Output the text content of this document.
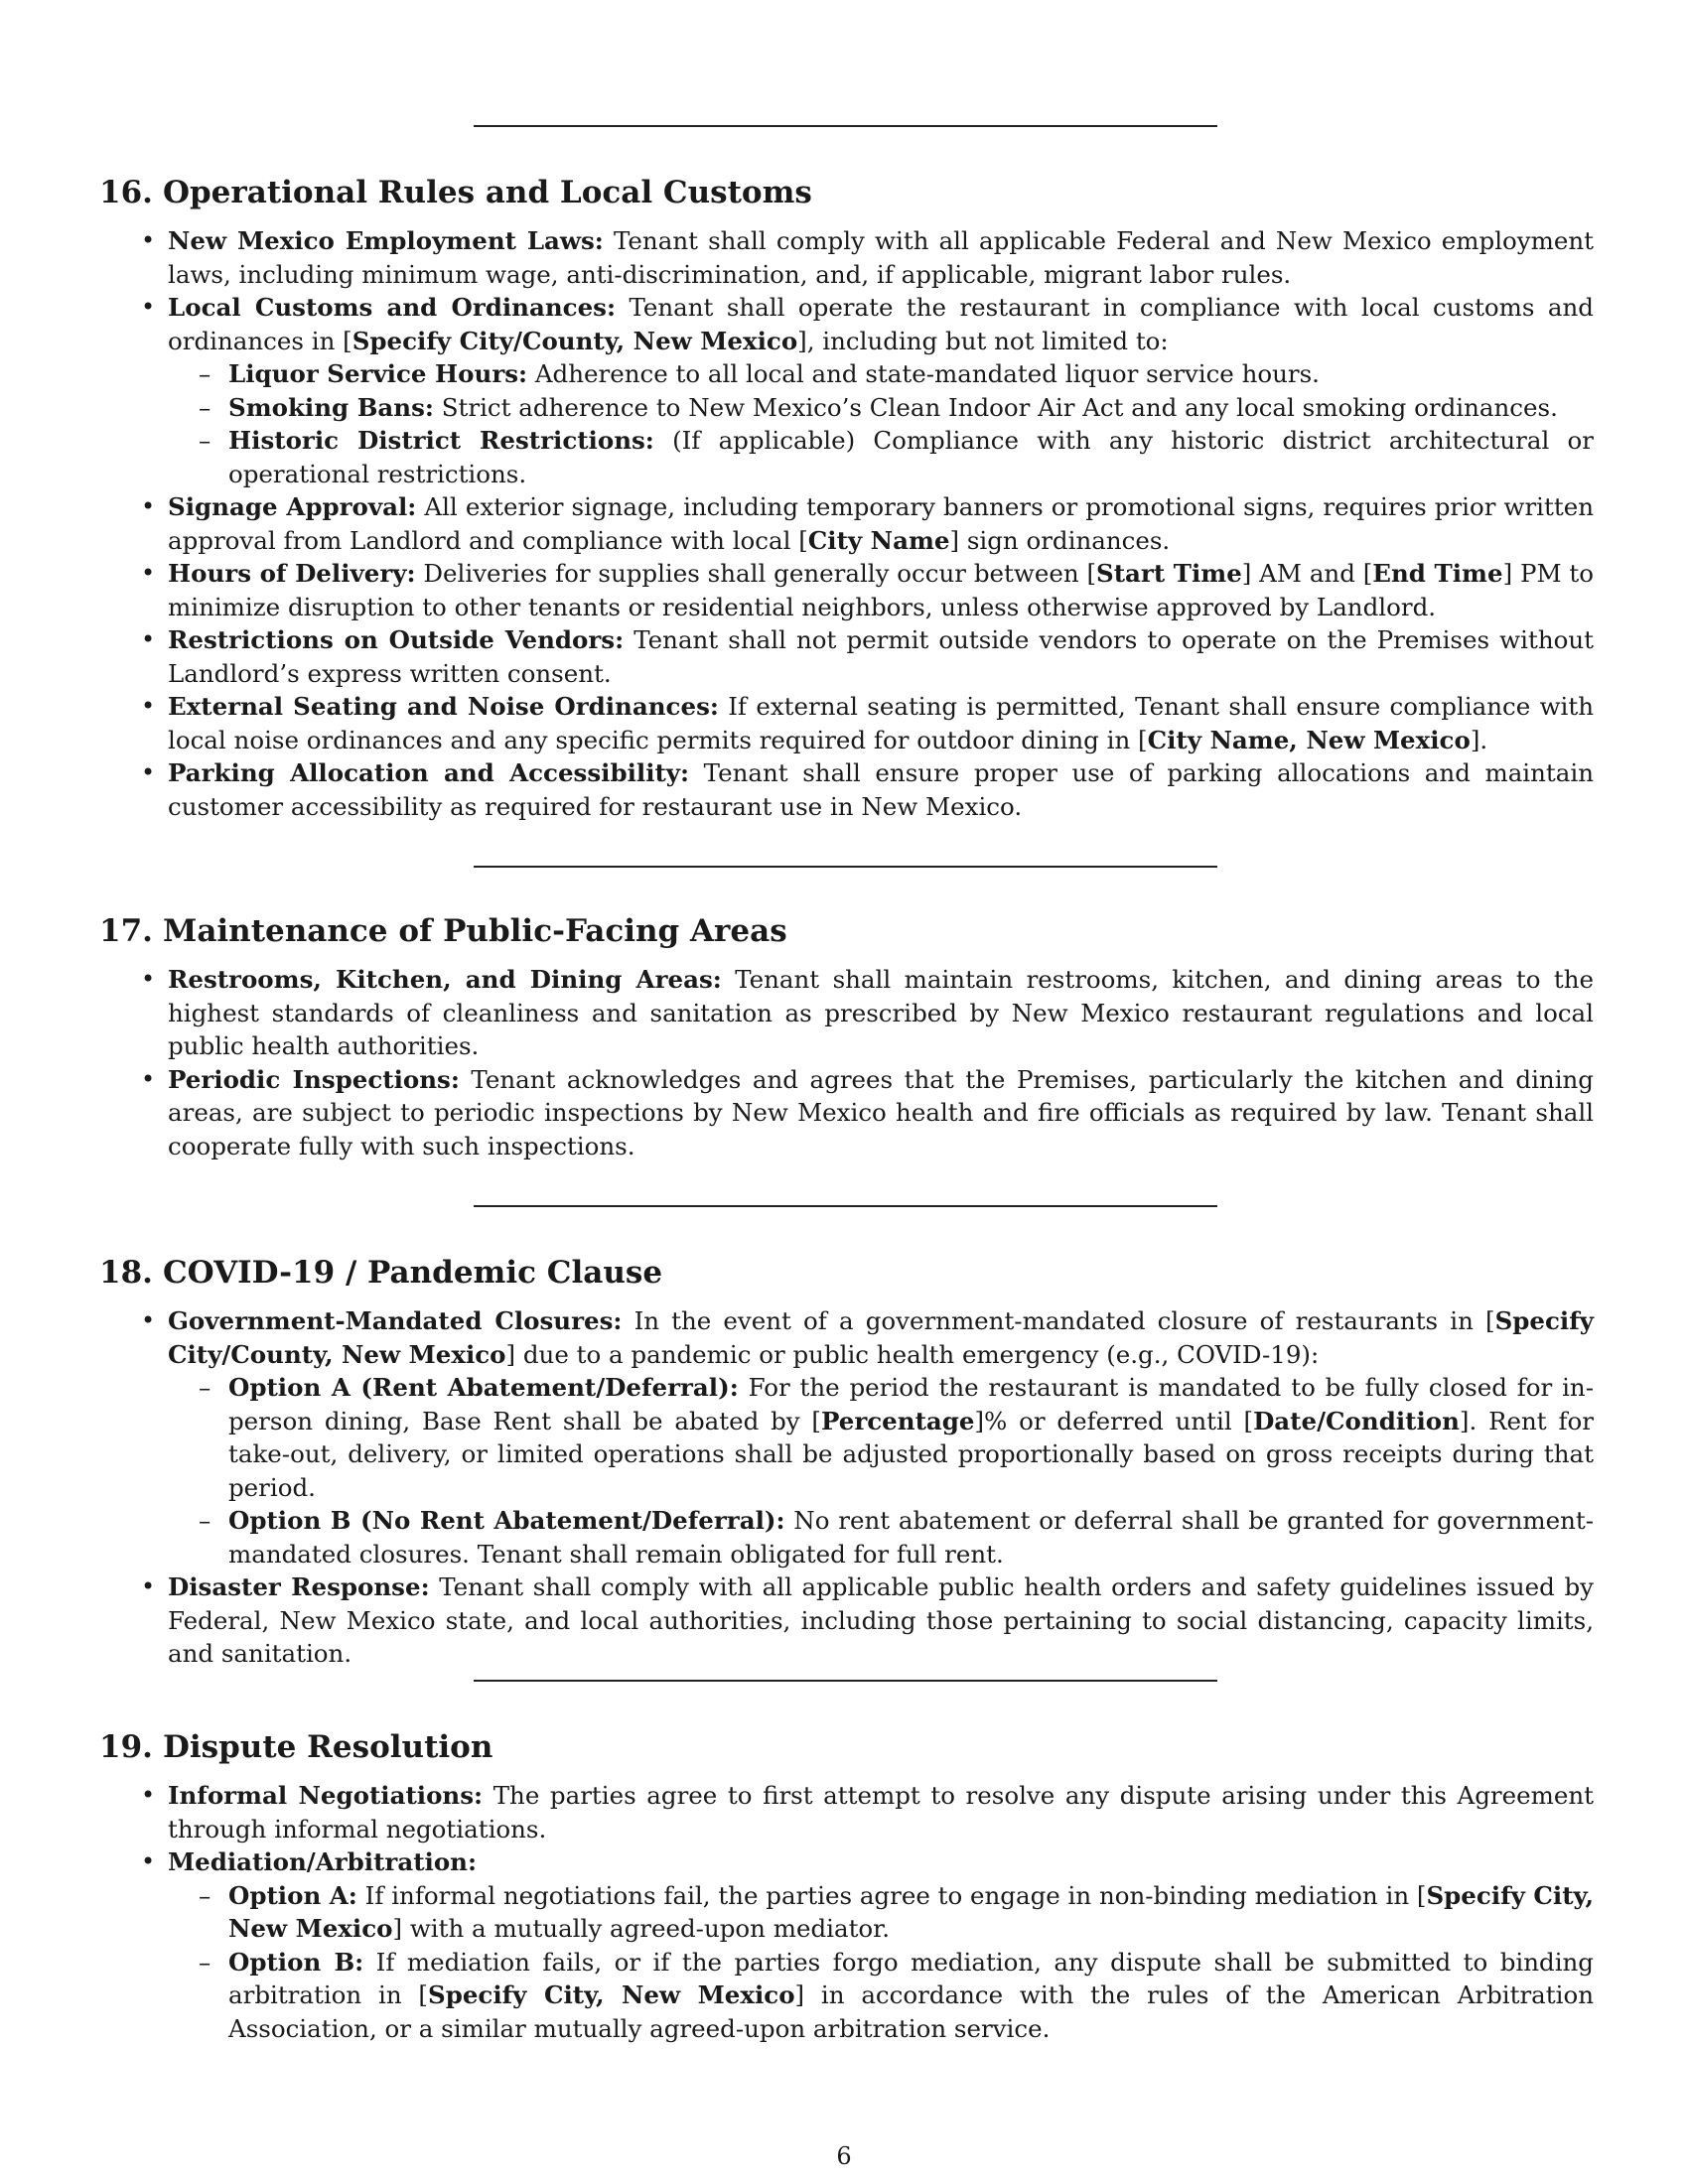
16. Operational Rules and Local Customs
• New Mexico Employment Laws: Tenant shall comply with all applicable Federal and New Mexico employment laws, including minimum wage, anti-discrimination, and, if applicable, migrant labor rules.
• Local Customs and Ordinances: Tenant shall operate the restaurant in compliance with local customs and ordinances in [Specify City/County, New Mexico], including but not limited to:
– Liquor Service Hours: Adherence to all local and state-mandated liquor service hours.
– Smoking Bans: Strict adherence to New Mexico’s Clean Indoor Air Act and any local smoking ordinances.
– Historic District Restrictions: (If applicable) Compliance with any historic district architectural or operational restrictions.
• Signage Approval: All exterior signage, including temporary banners or promotional signs, requires prior written approval from Landlord and compliance with local [City Name] sign ordinances.
• Hours of Delivery: Deliveries for supplies shall generally occur between [Start Time] AM and [End Time] PM to minimize disruption to other tenants or residential neighbors, unless otherwise approved by Landlord.
• Restrictions on Outside Vendors: Tenant shall not permit outside vendors to operate on the Premises without Landlord’s express written consent.
• External Seating and Noise Ordinances: If external seating is permitted, Tenant shall ensure compliance with local noise ordinances and any specific permits required for outdoor dining in [City Name, New Mexico].
• Parking Allocation and Accessibility: Tenant shall ensure proper use of parking allocations and maintain customer accessibility as required for restaurant use in New Mexico.
17. Maintenance of Public-Facing Areas
• Restrooms, Kitchen, and Dining Areas: Tenant shall maintain restrooms, kitchen, and dining areas to the highest standards of cleanliness and sanitation as prescribed by New Mexico restaurant regulations and local public health authorities.
• Periodic Inspections: Tenant acknowledges and agrees that the Premises, particularly the kitchen and dining areas, are subject to periodic inspections by New Mexico health and fire officials as required by law. Tenant shall cooperate fully with such inspections.
18. COVID-19 / Pandemic Clause
• Government-Mandated Closures: In the event of a government-mandated closure of restaurants in [Specify City/County, New Mexico] due to a pandemic or public health emergency (e.g., COVID-19):
– Option A (Rent Abatement/Deferral): For the period the restaurant is mandated to be fully closed for in-person dining, Base Rent shall be abated by [Percentage]% or deferred until [Date/Condition]. Rent for take-out, delivery, or limited operations shall be adjusted proportionally based on gross receipts during that period.
– Option B (No Rent Abatement/Deferral): No rent abatement or deferral shall be granted for government-mandated closures. Tenant shall remain obligated for full rent.
• Disaster Response: Tenant shall comply with all applicable public health orders and safety guidelines issued by Federal, New Mexico state, and local authorities, including those pertaining to social distancing, capacity limits, and sanitation.
19. Dispute Resolution
• Informal Negotiations: The parties agree to first attempt to resolve any dispute arising under this Agreement through informal negotiations.
• Mediation/Arbitration:
– Option A: If informal negotiations fail, the parties agree to engage in non-binding mediation in [Specify City, New Mexico] with a mutually agreed-upon mediator.
– Option B: If mediation fails, or if the parties forgo mediation, any dispute shall be submitted to binding arbitration in [Specify City, New Mexico] in accordance with the rules of the American Arbitration Association, or a similar mutually agreed-upon arbitration service.
6
